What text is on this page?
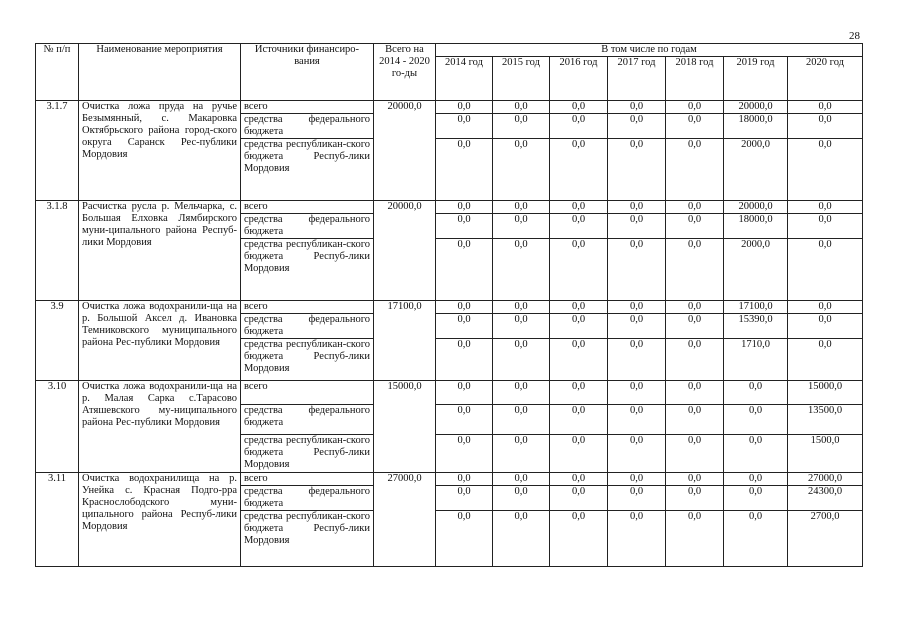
28
№ п/п	Наименование мероприятия	Источники финансиро-вания	Всего на 2014 - 2020 го-ды	В том числе по годам						
				2014 год	2015 год	2016 год	2017 год	2018 год	2019 год	2020 год
3.1.7	Очистка ложа пруда на ручье Безымянный, с. Макаровка Октябрьского района город-ского округа Саранск Рес-публики Мордовия	всего	20000,0	0,0	0,0	0,0	0,0	0,0	20000,0	0,0
		средства федерального бюджета		0,0	0,0	0,0	0,0	0,0	18000,0	0,0
		средства республикан-ского бюджета Респуб-лики Мордовия		0,0	0,0	0,0	0,0	0,0	2000,0	0,0
3.1.8	Расчистка русла р. Мельчарка, с. Большая Елховка Лямбирского муни-ципального района Респуб-лики Мордовия	всего	20000,0	0,0	0,0	0,0	0,0	0,0	20000,0	0,0
		средства федерального бюджета		0,0	0,0	0,0	0,0	0,0	18000,0	0,0
		средства республикан-ского бюджета Респуб-лики Мордовия		0,0	0,0	0,0	0,0	0,0	2000,0	0,0
3.9	Очистка ложа водохранили-ща на р. Большой Аксел д. Ивановка Темниковского муниципального района Рес-публики Мордовия	всего	17100,0	0,0	0,0	0,0	0,0	0,0	17100,0	0,0
		средства федерального бюджета		0,0	0,0	0,0	0,0	0,0	15390,0	0,0
		средства республикан-ского бюджета Респуб-лики Мордовия		0,0	0,0	0,0	0,0	0,0	1710,0	0,0
3.10	Очистка ложа водохранили-ща на р. Малая Сарка с.Тарасово Атяшевского му-ниципального района Рес-публики Мордовия	всего	15000,0	0,0	0,0	0,0	0,0	0,0	0,0	15000,0
		средства федерального бюджета		0,0	0,0	0,0	0,0	0,0	0,0	13500,0
		средства республикан-ского бюджета Респуб-лики Мордовия		0,0	0,0	0,0	0,0	0,0	0,0	1500,0
3.11	Очистка водохранилища на р. Унейка с. Красная Подго-рра Краснослободского муни-ципального района Респуб-лики Мордовия	всего	27000,0	0,0	0,0	0,0	0,0	0,0	0,0	27000,0
		средства федерального бюджета		0,0	0,0	0,0	0,0	0,0	0,0	24300,0
		средства республикан-ского бюджета Респуб-лики Мордовия		0,0	0,0	0,0	0,0	0,0	0,0	2700,0
